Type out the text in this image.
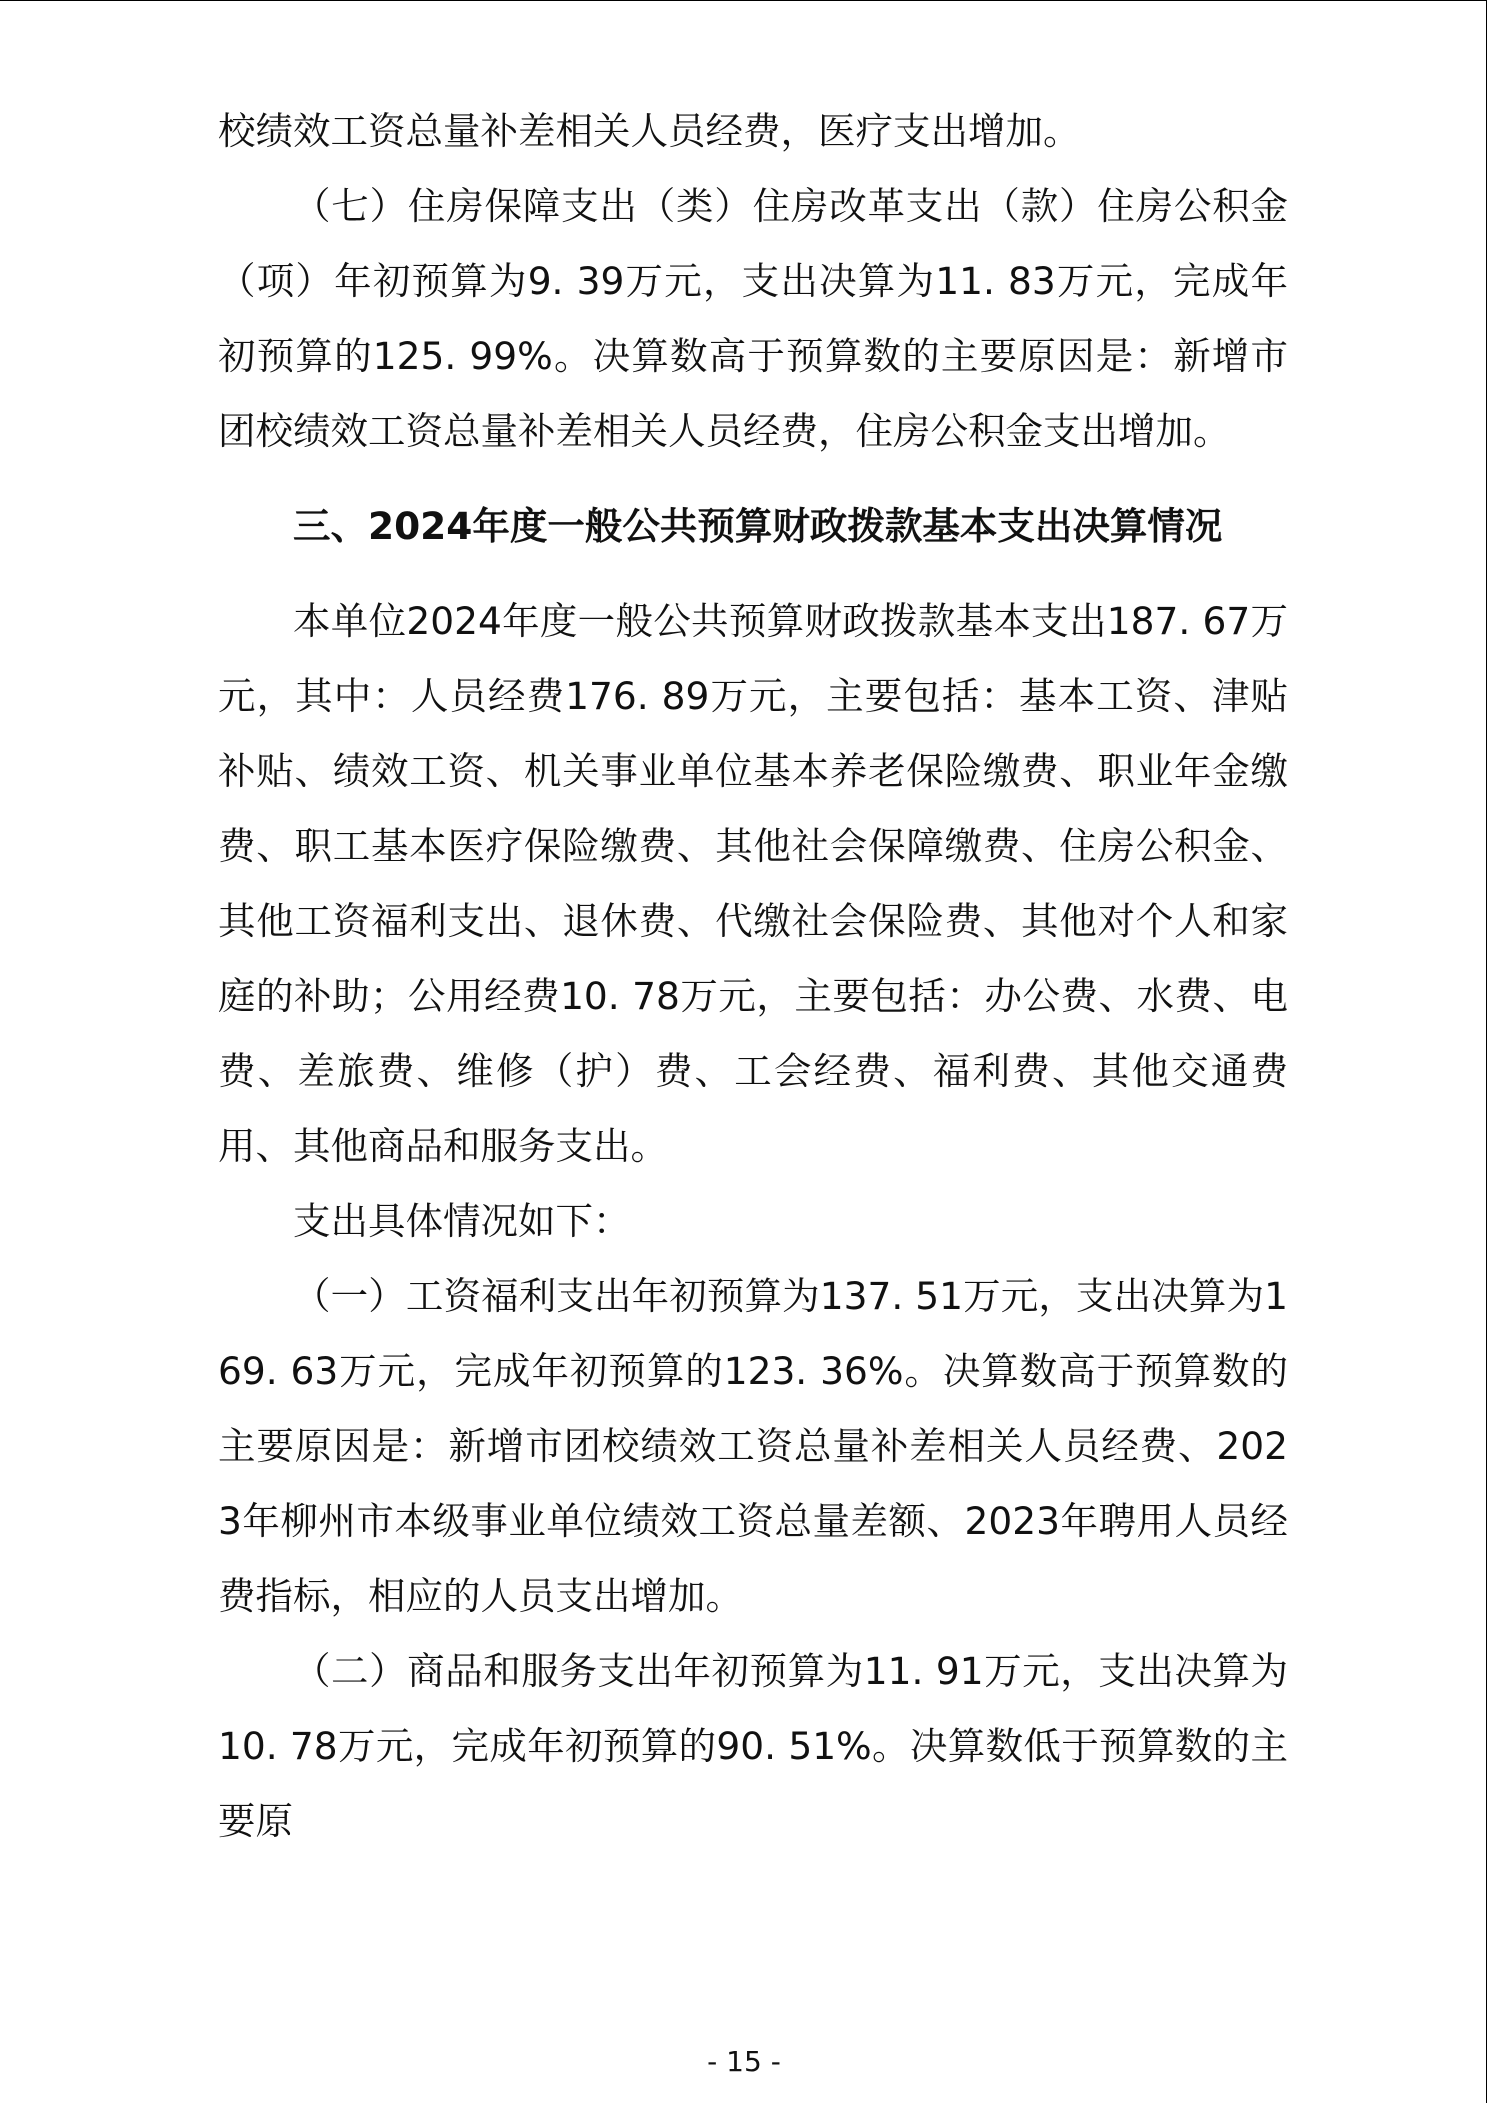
校绩效工资总量补差相关人员经费，医疗支出增加。

（七）住房保障支出（类）住房改革支出（款）住房公积金（项）年初预算为9. 39万元，支出决算为11. 83万元，完成年初预算的125. 99%。决算数高于预算数的主要原因是：新增市团校绩效工资总量补差相关人员经费，住房公积金支出增加。

三、2024年度一般公共预算财政拨款基本支出决算情况

本单位2024年度一般公共预算财政拨款基本支出187. 67万元，其中：人员经费176. 89万元，主要包括：基本工资、津贴补贴、绩效工资、机关事业单位基本养老保险缴费、职业年金缴费、职工基本医疗保险缴费、其他社会保障缴费、住房公积金、其他工资福利支出、退休费、代缴社会保险费、其他对个人和家庭的补助；公用经费10. 78万元，主要包括：办公费、水费、电费、差旅费、维修（护）费、工会经费、福利费、其他交通费用、其他商品和服务支出。

支出具体情况如下：

（一）工资福利支出年初预算为137. 51万元，支出决算为169. 63万元，完成年初预算的123. 36%。决算数高于预算数的主要原因是：新增市团校绩效工资总量补差相关人员经费、2023年柳州市本级事业单位绩效工资总量差额、2023年聘用人员经费指标，相应的人员支出增加。

（二）商品和服务支出年初预算为11. 91万元，支出决算为10. 78万元，完成年初预算的90. 51%。决算数低于预算数的主要原

- 15 -
